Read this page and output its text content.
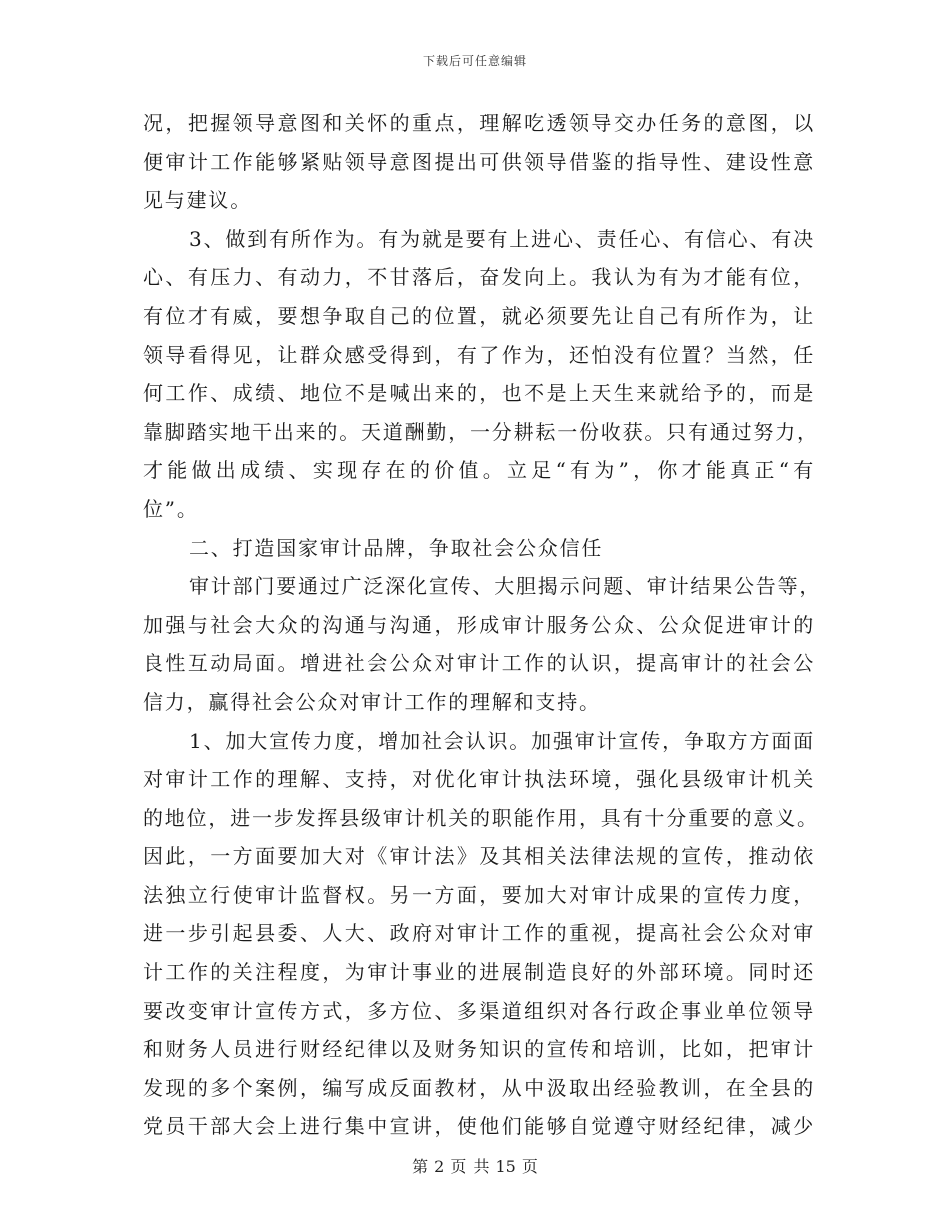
下载后可任意编辑
况，把握领导意图和关怀的重点，理解吃透领导交办任务的意图，以
便审计工作能够紧贴领导意图提出可供领导借鉴的指导性、建设性意
见与建议。
3、做到有所作为。有为就是要有上进心、责任心、有信心、有决
心、有压力、有动力，不甘落后，奋发向上。我认为有为才能有位，
有位才有威，要想争取自己的位置，就必须要先让自己有所作为，让
领导看得见，让群众感受得到，有了作为，还怕没有位置？当然，任
何工作、成绩、地位不是喊出来的，也不是上天生来就给予的，而是
靠脚踏实地干出来的。天道酬勤，一分耕耘一份收获。只有通过努力，
才能做出成绩、实现存在的价值。立足“有为”，你才能真正“有
位”。
二、打造国家审计品牌，争取社会公众信任
审计部门要通过广泛深化宣传、大胆揭示问题、审计结果公告等，
加强与社会大众的沟通与沟通，形成审计服务公众、公众促进审计的
良性互动局面。增进社会公众对审计工作的认识，提高审计的社会公
信力，赢得社会公众对审计工作的理解和支持。
1、加大宣传力度，增加社会认识。加强审计宣传，争取方方面面
对审计工作的理解、支持，对优化审计执法环境，强化县级审计机关
的地位，进一步发挥县级审计机关的职能作用，具有十分重要的意义。
因此，一方面要加大对《审计法》及其相关法律法规的宣传，推动依
法独立行使审计监督权。另一方面，要加大对审计成果的宣传力度，
进一步引起县委、人大、政府对审计工作的重视，提高社会公众对审
计工作的关注程度，为审计事业的进展制造良好的外部环境。同时还
要改变审计宣传方式，多方位、多渠道组织对各行政企事业单位领导
和财务人员进行财经纪律以及财务知识的宣传和培训，比如，把审计
发现的多个案例，编写成反面教材，从中汲取出经验教训，在全县的
党员干部大会上进行集中宣讲，使他们能够自觉遵守财经纪律，减少
第 2 页 共 15 页
